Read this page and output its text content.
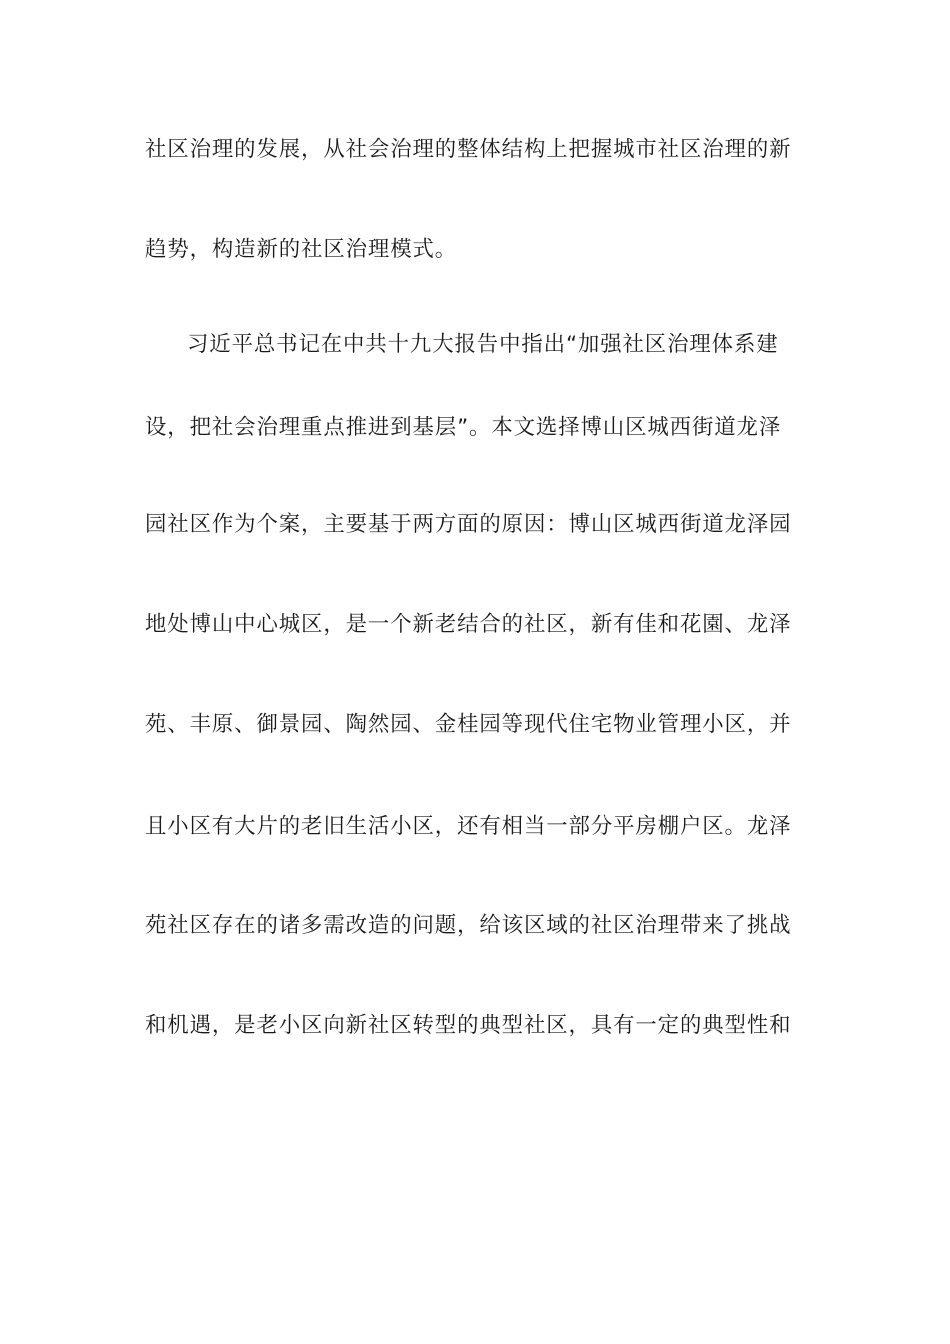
社区治理的发展，从社会治理的整体结构上把握城市社区治理的新
趋势，构造新的社区治理模式。
习近平总书记在中共十九大报告中指出“加强社区治理体系建
设，把社会治理重点推进到基层”。本文选择博山区城西街道龙泽
园社区作为个案，主要基于两方面的原因：博山区城西街道龙泽园
地处博山中心城区，是一个新老结合的社区，新有佳和花園、龙泽
苑、丰原、御景园、陶然园、金桂园等现代住宅物业管理小区，并
且小区有大片的老旧生活小区，还有相当一部分平房棚户区。龙泽
苑社区存在的诸多需改造的问题，给该区域的社区治理带来了挑战
和机遇，是老小区向新社区转型的典型社区，具有一定的典型性和
